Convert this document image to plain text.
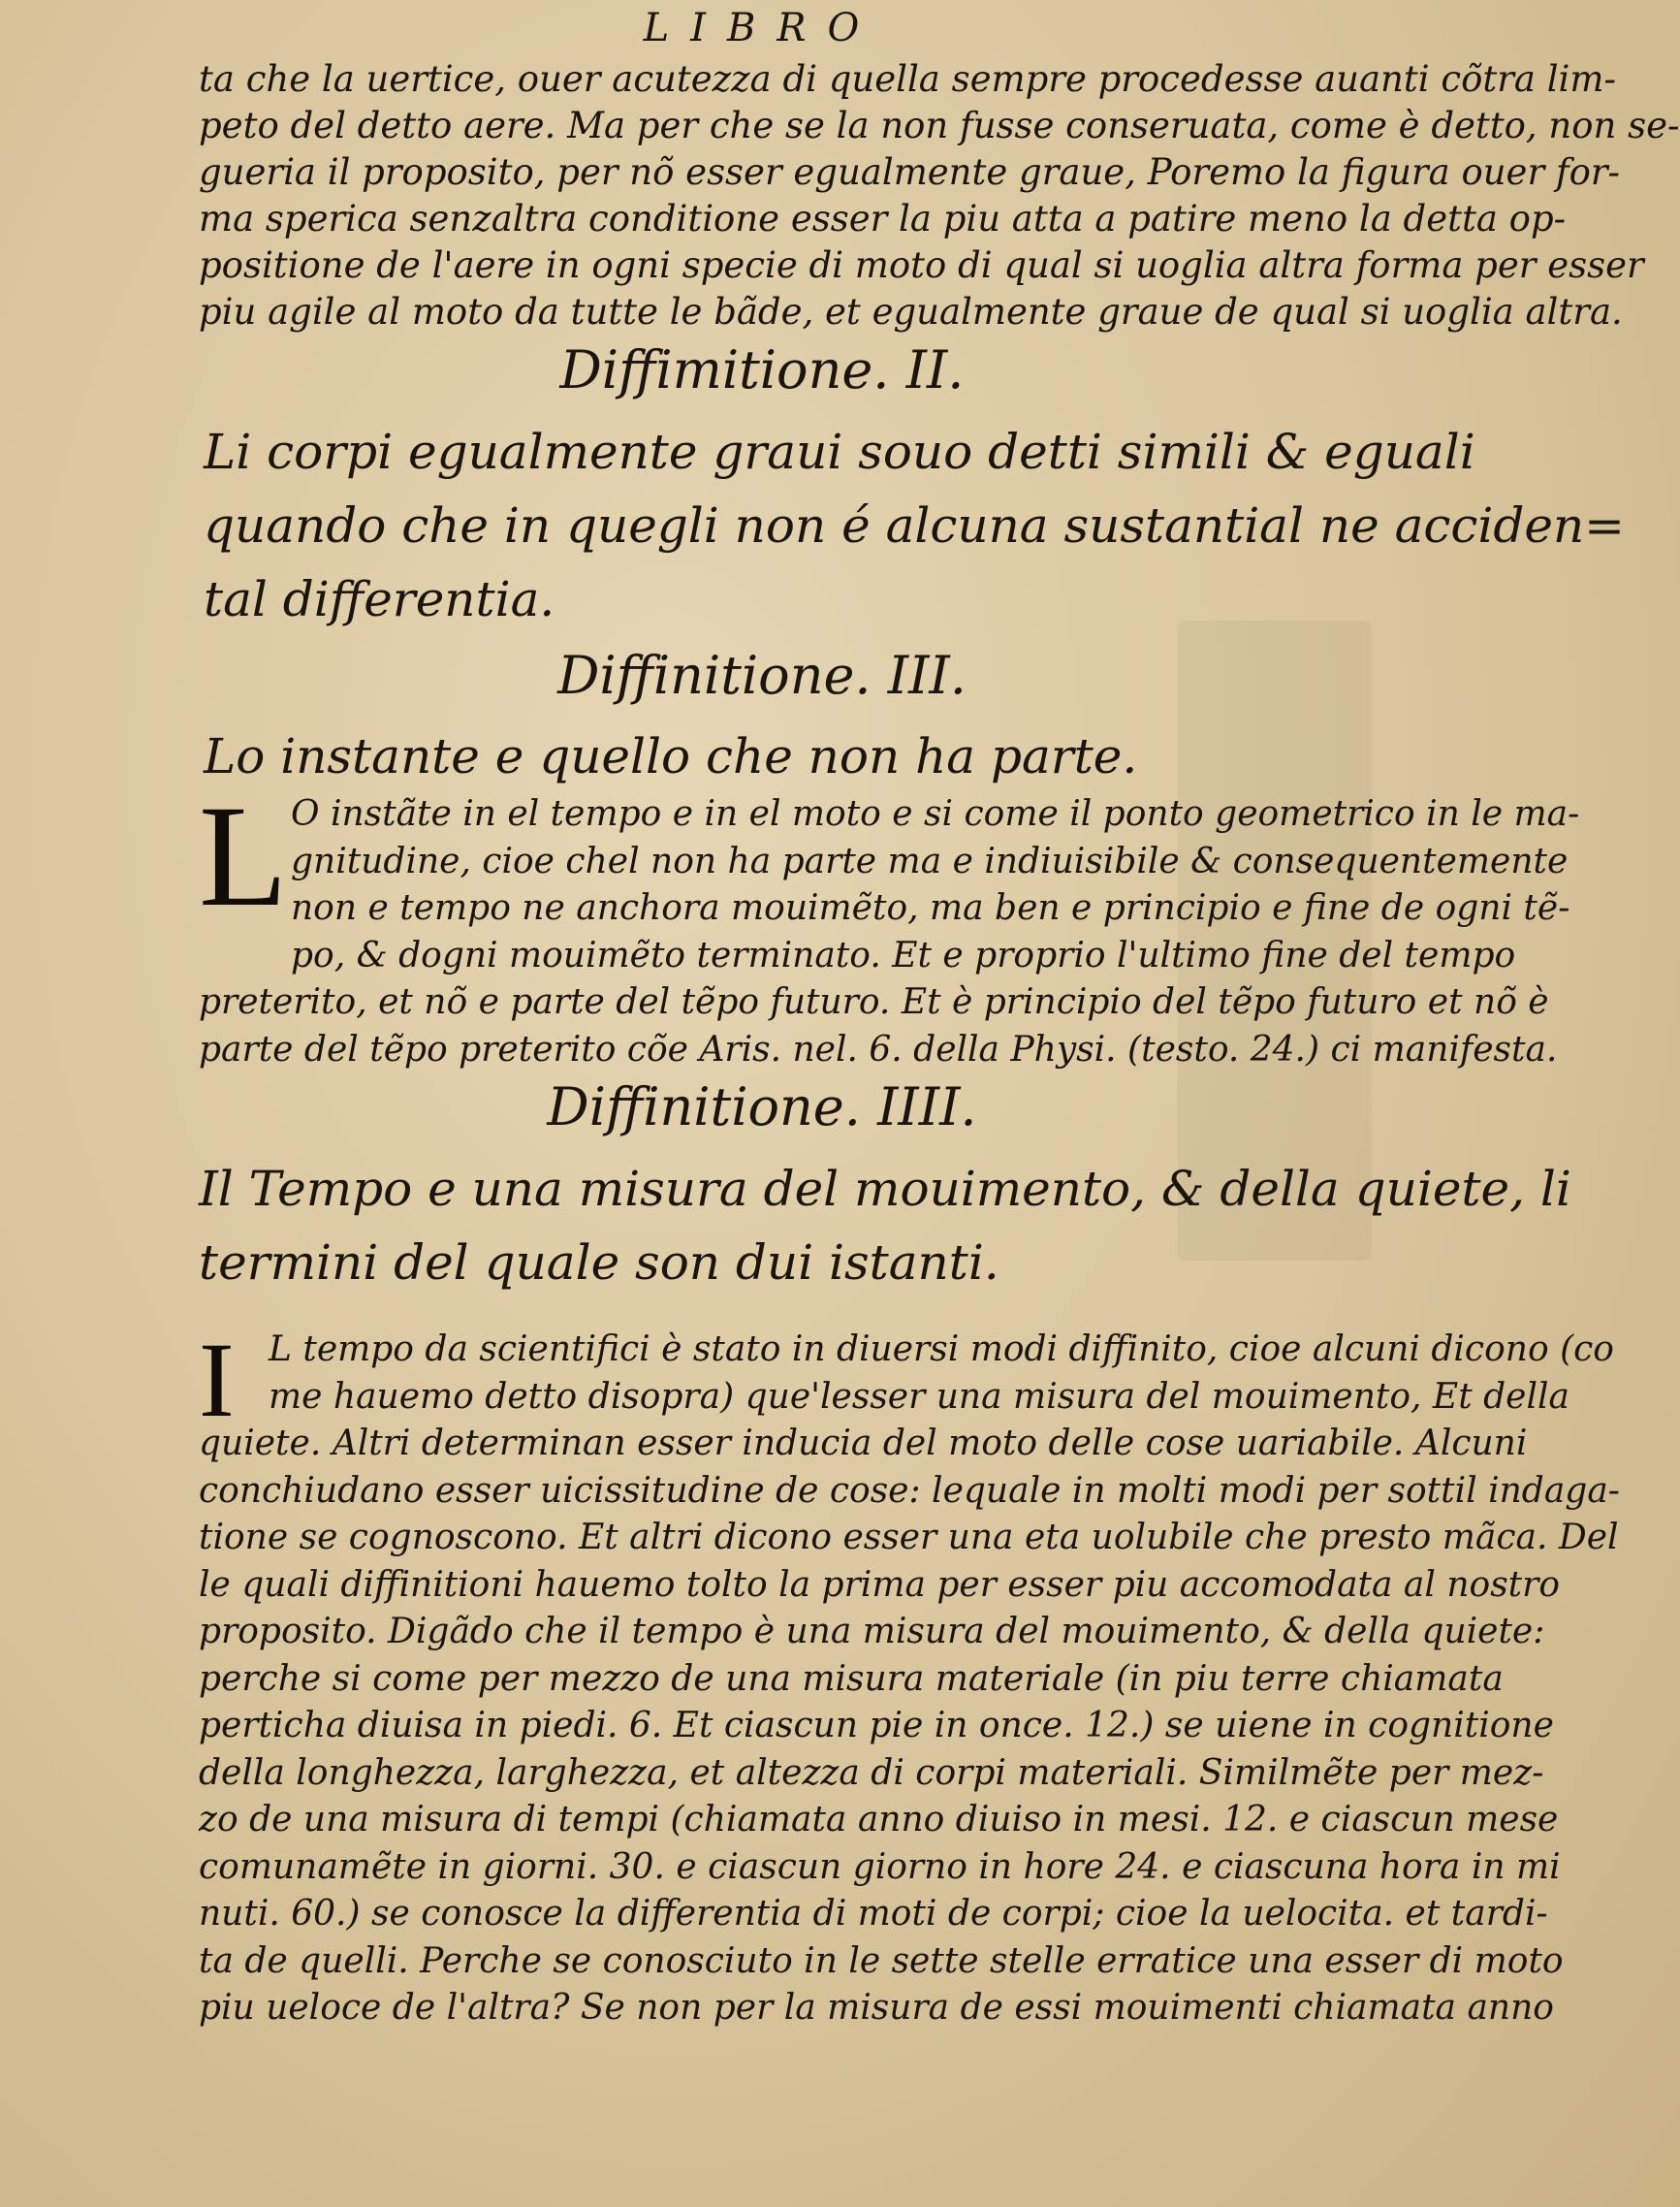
LIBRO
ta che la uertice, ouer acutezza di quella sempre procedesse auanti cõtra lim-
peto del detto aere. Ma per che se la non fusse conseruata, come è detto, non se-
gueria il proposito, per nõ esser egualmente graue, Poremo la figura ouer for-
ma sperica senzaltra conditione esser la piu atta a patire meno la detta op-
positione de l'aere in ogni specie di moto di qual si uoglia altra forma per esser
piu agile al moto da tutte le bãde, et egualmente graue de qual si uoglia altra.
Diffimitione. II.
Li corpi egualmente graui souo detti simili & eguali
quando che in quegli non é alcuna sustantial ne acciden=
tal differentia.
Diffinitione. III.
Lo instante e quello che non ha parte.
L O instãte in el tempo e in el moto e si come il ponto geometrico in le ma-
gnitudine, cioe chel non ha parte ma e indiuisibile & consequentemente
non e tempo ne anchora mouimẽto, ma ben e principio e fine de ogni tẽ-
po, & dogni mouimẽto terminato. Et e proprio l'ultimo fine del tempo
preterito, et nõ e parte del tẽpo futuro. Et è principio del tẽpo futuro et nõ è
parte del tẽpo preterito cõe Aris. nel. 6. della Physi. (testo. 24.) ci manifesta.
Diffinitione. IIII.
Il Tempo e una misura del mouimento, & della quiete, li
termini del quale son dui istanti.
I L tempo da scientifici è stato in diuersi modi diffinito, cioe alcuni dicono (co
me hauemo detto disopra) que'lesser una misura del mouimento, Et della
quiete. Altri determinan esser inducia del moto delle cose uariabile. Alcuni
conchiudano esser uicissitudine de cose: lequale in molti modi per sottil indaga-
tione se cognoscono. Et altri dicono esser una eta uolubile che presto mãca. Del
le quali diffinitioni hauemo tolto la prima per esser piu accomodata al nostro
proposito. Digãdo che il tempo è una misura del mouimento, & della quiete:
perche si come per mezzo de una misura materiale (in piu terre chiamata
perticha diuisa in piedi. 6. Et ciascun pie in once. 12.) se uiene in cognitione
della longhezza, larghezza, et altezza di corpi materiali. Similmẽte per mez-
zo de una misura di tempi (chiamata anno diuiso in mesi. 12. e ciascun mese
comunamẽte in giorni. 30. e ciascun giorno in hore 24. e ciascuna hora in mi
nuti. 60.) se conosce la differentia di moti de corpi; cioe la uelocita. et tardi-
ta de quelli. Perche se conosciuto in le sette stelle erratice una esser di moto
piu ueloce de l'altra? Se non per la misura de essi mouimenti chiamata anno
